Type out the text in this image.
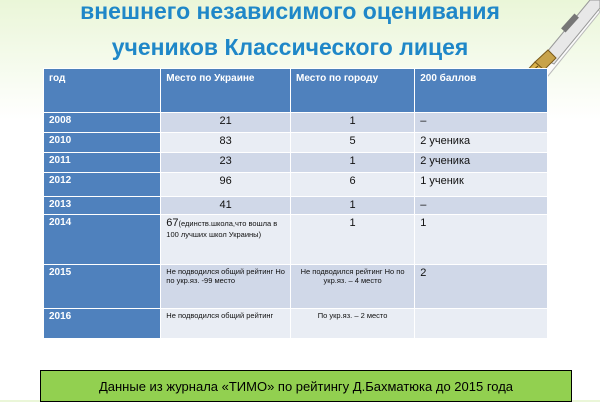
внешнего независимого оценивания
учеников Классического лицея
год	Место по Украине	Место по городу	200 баллов
2008	21	1	–
2010	83	5	2 ученика
2011	23	1	2 ученика
2012	96	6	1 ученик
2013	41	1	–
2014	67(единств.школа,что вошла в 100 лучших школ Украины)	1	1
2015	Не подводился общий рейтинг Но по укр.яз. -99 место	Не подводился рейтинг Но по укр.яз. – 4 место	2
2016	Не подводился общий рейтинг	По укр.яз. – 2 место	
Данные из журнала «ТИМО» по рейтингу Д.Бахматюка до 2015 года
